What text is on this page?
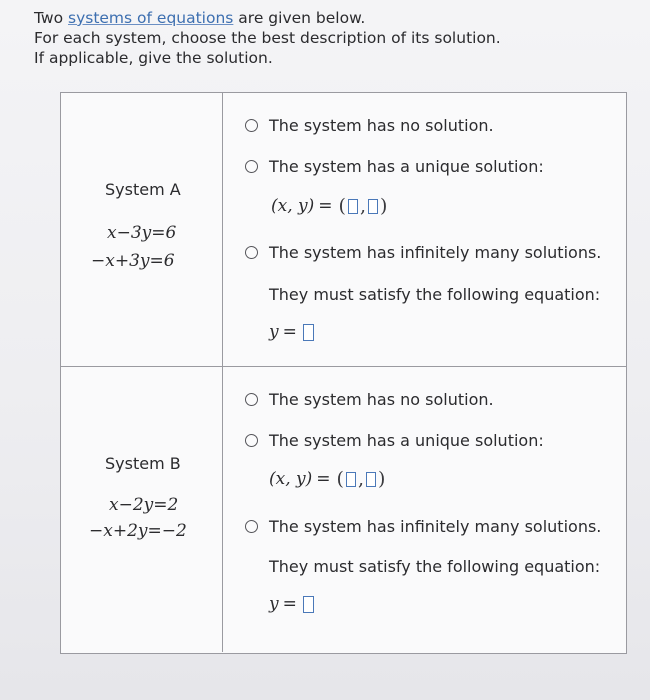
Two systems of equations are given below.
For each system, choose the best description of its solution.
If applicable, give the solution.
System A
x−3y=6
−x+3y=6
The system has no solution.
The system has a unique solution:
(x, y) = ( , )
The system has infinitely many solutions.
They must satisfy the following equation:
y =
System B
x−2y=2
−x+2y=−2
The system has no solution.
The system has a unique solution:
(x, y) = ( , )
The system has infinitely many solutions.
They must satisfy the following equation:
y =
